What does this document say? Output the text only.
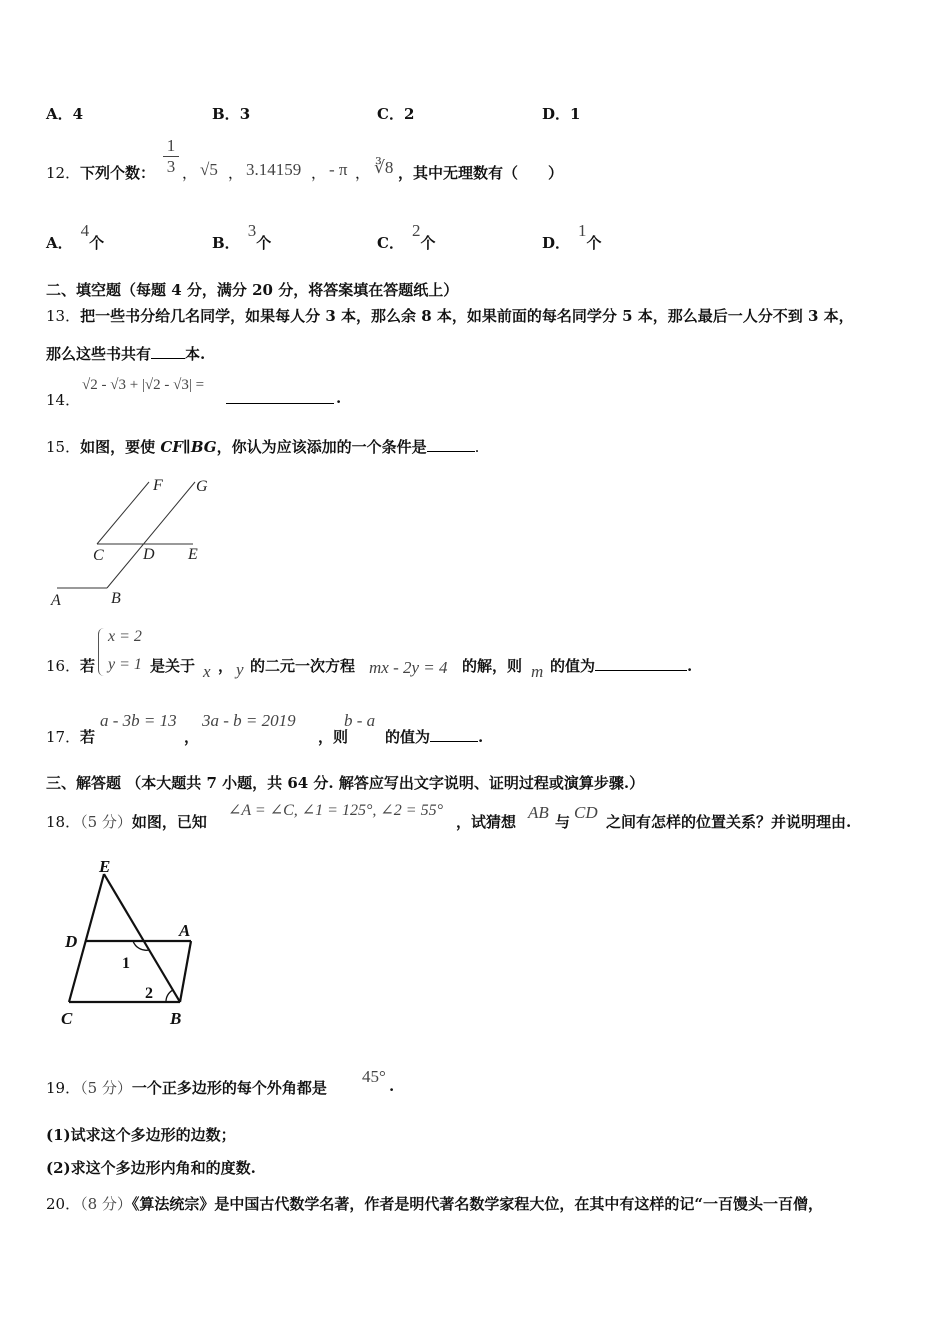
A．4	B．3	C．2	D．1
12． 下列个数：
1
3 ， √5 ， 3.14159 ， - π ， ∛8 ，其中无理数有（　　）
A．4个	B．3个	C．2个	D．1个
二、填空题（每题 4 分，满分 20 分，将答案填在答题纸上）
13．把一些书分给几名同学，如果每人分 3 本，那么余 8 本，如果前面的每名同学分 5 本，那么最后一人分不到 3 本，
那么这些书共有 本.
14．
√2 - √3 + |√2 - √3| =
.
15．如图，要使 CF∥BG，你认为应该添加的一个条件是	.
F G
C D E
A	B
16． 若
x = 2
y = 1 是关于 x ， y 的二元一次方程 mx - 2y = 4 的解，则 m 的值为	.
17． 若
a - 3b = 13
，
3a - b = 2019
，则
b - a
的值为	.
三、解答题 （本大题共 7 小题，共 64 分. 解答应写出文字说明、证明过程或演算步骤.）
18．（5 分）如图，已知
∠A = ∠C, ∠1 = 125°, ∠2 = 55°
，试猜想 AB 与 CD 之间有怎样的位置关系？并说明理由.
E
D
A
1
2
C	B
19．（5 分）一个正多边形的每个外角都是
45° .
(1)试求这个多边形的边数；
(2)求这个多边形内角和的度数.
20．（8 分）《算法统宗》是中国古代数学名著，作者是明代著名数学家程大位，在其中有这样的记“一百馒头一百僧，
